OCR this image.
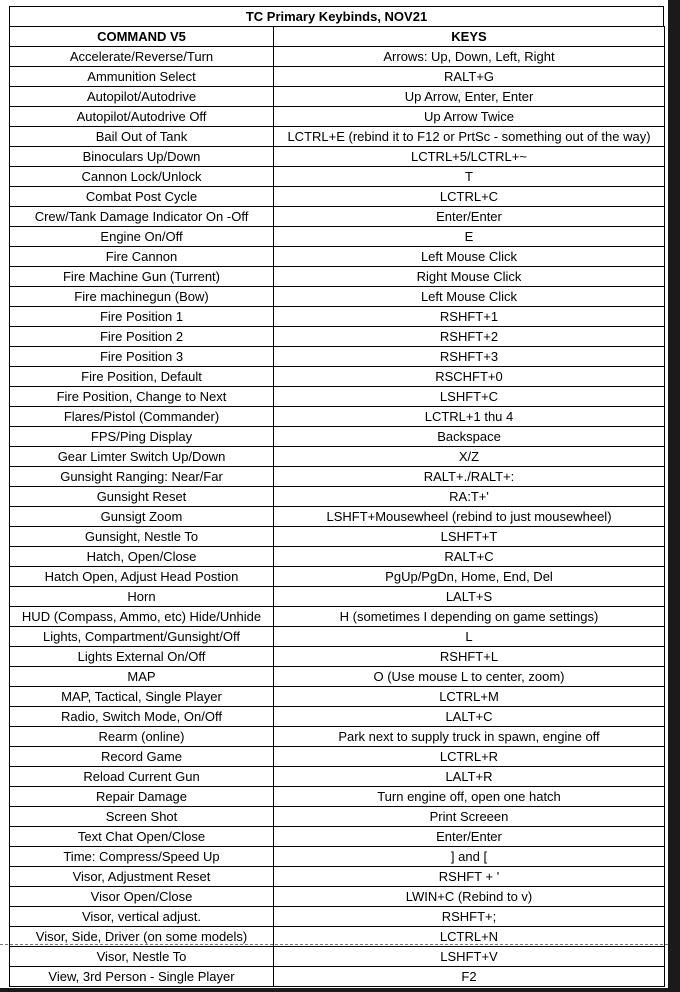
TC Primary Keybinds, NOV21
COMMAND V5	KEYS
Accelerate/Reverse/Turn	Arrows: Up, Down, Left, Right
Ammunition Select	RALT+G
Autopilot/Autodrive	Up Arrow, Enter, Enter
Autopilot/Autodrive Off	Up Arrow Twice
Bail Out of Tank	LCTRL+E (rebind it to F12 or PrtSc - something out of the way)
Binoculars Up/Down	LCTRL+5/LCTRL+~
Cannon Lock/Unlock	T
Combat Post Cycle	LCTRL+C
Crew/Tank Damage Indicator On -Off	Enter/Enter
Engine On/Off	E
Fire Cannon	Left Mouse Click
Fire Machine Gun (Turrent)	Right Mouse Click
Fire machinegun (Bow)	Left Mouse Click
Fire Position 1	RSHFT+1
Fire Position 2	RSHFT+2
Fire Position 3	RSHFT+3
Fire Position, Default	RSCHFT+0
Fire Position, Change to Next	LSHFT+C
Flares/Pistol (Commander)	LCTRL+1 thu 4
FPS/Ping Display	Backspace
Gear Limter Switch Up/Down	X/Z
Gunsight Ranging: Near/Far	RALT+./RALT+:
Gunsight Reset	RA:T+'
Gunsigt Zoom	LSHFT+Mousewheel (rebind to just mousewheel)
Gunsight, Nestle To	LSHFT+T
Hatch, Open/Close	RALT+C
Hatch Open, Adjust Head Postion	PgUp/PgDn, Home, End, Del
Horn	LALT+S
HUD (Compass, Ammo, etc) Hide/Unhide	H (sometimes I depending on game settings)
Lights, Compartment/Gunsight/Off	L
Lights External On/Off	RSHFT+L
MAP	O (Use mouse L to center, zoom)
MAP, Tactical, Single Player	LCTRL+M
Radio, Switch Mode, On/Off	LALT+C
Rearm (online)	Park next to supply truck in spawn, engine off
Record Game	LCTRL+R
Reload Current Gun	LALT+R
Repair Damage	Turn engine off, open one hatch
Screen Shot	Print Screeen
Text Chat Open/Close	Enter/Enter
Time: Compress/Speed Up	] and [
Visor, Adjustment Reset	RSHFT + '
Visor Open/Close	LWIN+C (Rebind to v)
Visor, vertical adjust.	RSHFT+;
Visor, Side, Driver (on some models)	LCTRL+N
Visor, Nestle To	LSHFT+V
View, 3rd Person - Single Player	F2
